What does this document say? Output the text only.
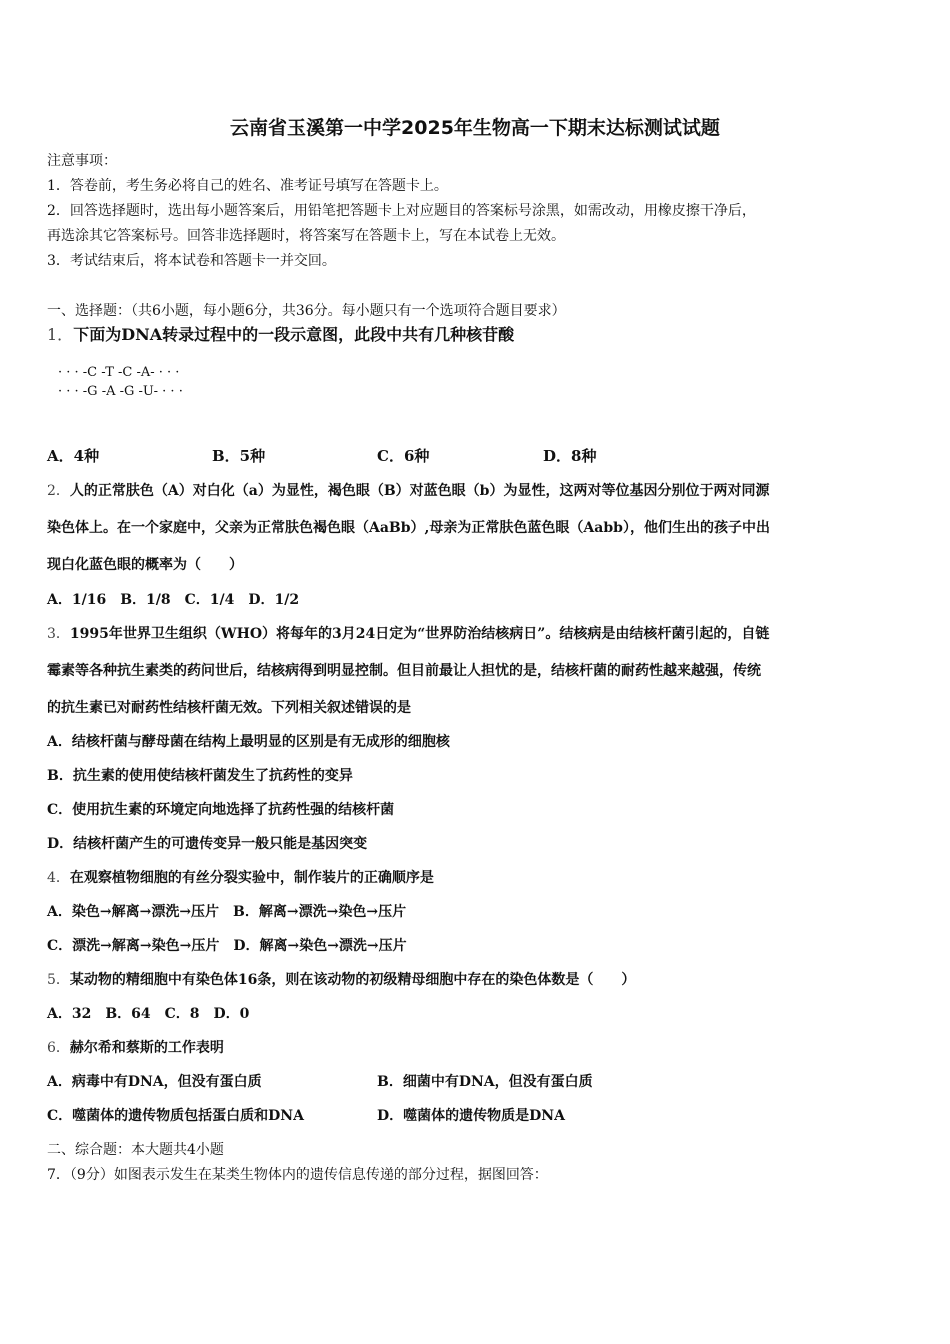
云南省玉溪第一中学2025年生物高一下期末达标测试试题
注意事项：
1．答卷前，考生务必将自己的姓名、准考证号填写在答题卡上。
2．回答选择题时，选出每小题答案后，用铅笔把答题卡上对应题目的答案标号涂黑，如需改动，用橡皮擦干净后，
再选涂其它答案标号。回答非选择题时，将答案写在答题卡上，写在本试卷上无效。
3．考试结束后，将本试卷和答题卡一并交回。
一、选择题：（共6小题，每小题6分，共36分。每小题只有一个选项符合题目要求）
1．下面为DNA转录过程中的一段示意图，此段中共有几种核苷酸
· · · -C -T -C -A- · · ·
· · · -G -A -G -U- · · ·
A．4种	B．5种	C．6种	D．8种
2．人的正常肤色（A）对白化（a）为显性，褐色眼（B）对蓝色眼（b）为显性，这两对等位基因分别位于两对同源
染色体上。在一个家庭中，父亲为正常肤色褐色眼（AaBb）,母亲为正常肤色蓝色眼（Aabb），他们生出的孩子中出
现白化蓝色眼的概率为（　　）
A．1/16　B．1/8　C．1/4　D．1/2
3．1995年世界卫生组织（WHO）将每年的3月24日定为“世界防治结核病日”。结核病是由结核杆菌引起的，自链
霉素等各种抗生素类的药问世后，结核病得到明显控制。但目前最让人担忧的是，结核杆菌的耐药性越来越强，传统
的抗生素已对耐药性结核杆菌无效。下列相关叙述错误的是
A．结核杆菌与酵母菌在结构上最明显的区别是有无成形的细胞核
B．抗生素的使用使结核杆菌发生了抗药性的变异
C．使用抗生素的环境定向地选择了抗药性强的结核杆菌
D．结核杆菌产生的可遗传变异一般只能是基因突变
4．在观察植物细胞的有丝分裂实验中，制作装片的正确顺序是
A．染色→解离→漂洗→压片　B．解离→漂洗→染色→压片
C．漂洗→解离→染色→压片　D．解离→染色→漂洗→压片
5．某动物的精细胞中有染色体16条，则在该动物的初级精母细胞中存在的染色体数是（　　）
A．32　B．64　C．8　D．0
6．赫尔希和蔡斯的工作表明
A．病毒中有DNA，但没有蛋白质	B．细菌中有DNA，但没有蛋白质
C．噬菌体的遗传物质包括蛋白质和DNA	D．噬菌体的遗传物质是DNA
二、综合题：本大题共4小题
7．（9分）如图表示发生在某类生物体内的遗传信息传递的部分过程，据图回答：
